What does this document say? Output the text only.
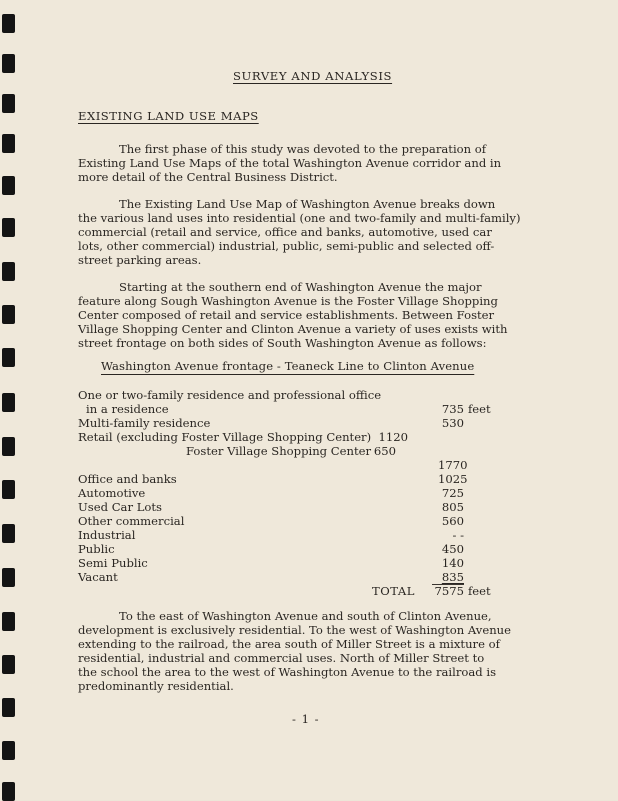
SURVEY AND ANALYSIS
EXISTING LAND USE MAPS
The first phase of this study was devoted to the preparation of
Existing Land Use Maps of the total Washington Avenue corridor and in
more detail of the Central Business District.
The Existing Land Use Map of Washington Avenue breaks down
the various land uses into residential (one and two-family and multi-family)
commercial (retail and service, office and banks, automotive, used car
lots, other commercial) industrial, public, semi-public and selected off-
street parking areas.
Starting at the southern end of Washington Avenue the major
feature along Sough Washington Avenue is the Foster Village Shopping
Center composed of retail and service establishments. Between Foster
Village Shopping Center and Clinton Avenue a variety of uses exists with
street frontage on both sides of South Washington Avenue as follows:
Washington Avenue frontage - Teaneck Line to Clinton Avenue
One or two-family residence and professional office
in a residence	735 feet
Multi-family residence	530
Retail (excluding Foster Village Shopping Center) 1120
Foster Village Shopping Center 650
1770
Office and banks	1025
Automotive	725
Used Car Lots	805
Other commercial	560
Industrial	- -
Public	450
Semi Public	140
Vacant	835
TOTAL 7575 feet
To the east of Washington Avenue and south of Clinton Avenue,
development is exclusively residential. To the west of Washington Avenue
extending to the railroad, the area south of Miller Street is a mixture of
residential, industrial and commercial uses. North of Miller Street to
the school the area to the west of Washington Avenue to the railroad is
predominantly residential.
- 1 -
